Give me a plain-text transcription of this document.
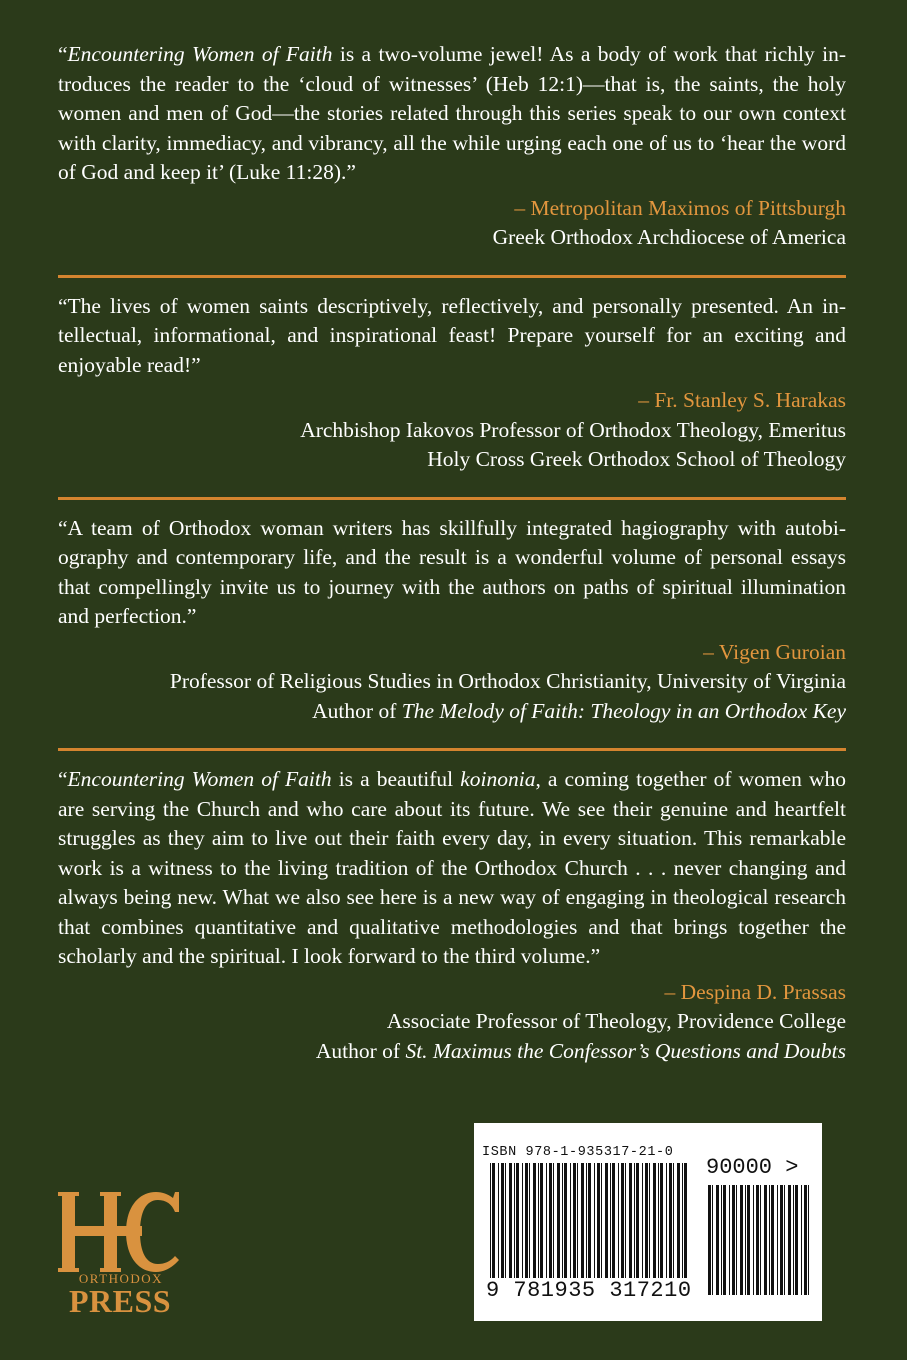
“Encountering Women of Faith is a two-volume jewel! As a body of work that richly introduces the reader to the ‘cloud of witnesses’ (Heb 12:1)—that is, the saints, the holy women and men of God—the stories related through this series speak to our own context with clarity, immediacy, and vibrancy, all the while urging each one of us to ‘hear the word of God and keep it’ (Luke 11:28).”

– Metropolitan Maximos of Pittsburgh
Greek Orthodox Archdiocese of America

“The lives of women saints descriptively, reflectively, and personally presented. An intellectual, informational, and inspirational feast! Prepare yourself for an exciting and enjoyable read!”

– Fr. Stanley S. Harakas
Archbishop Iakovos Professor of Orthodox Theology, Emeritus
Holy Cross Greek Orthodox School of Theology

“A team of Orthodox woman writers has skillfully integrated hagiography with autobiography and contemporary life, and the result is a wonderful volume of personal essays that compellingly invite us to journey with the authors on paths of spiritual illumination and perfection.”

– Vigen Guroian
Professor of Religious Studies in Orthodox Christianity, University of Virginia
Author of The Melody of Faith: Theology in an Orthodox Key

“Encountering Women of Faith is a beautiful koinonia, a coming together of women who are serving the Church and who care about its future. We see their genuine and heartfelt struggles as they aim to live out their faith every day, in every situation. This remarkable work is a witness to the living tradition of the Orthodox Church . . . never changing and always being new. What we also see here is a new way of engaging in theological research that combines quantitative and qualitative methodologies and that brings together the scholarly and the spiritual. I look forward to the third volume.”

– Despina D. Prassas
Associate Professor of Theology, Providence College
Author of St. Maximus the Confessor’s Questions and Doubts
ORTHODOX
PRESS
ISBN 978-1-935317-21-0
90000 >
9 781935 317210
